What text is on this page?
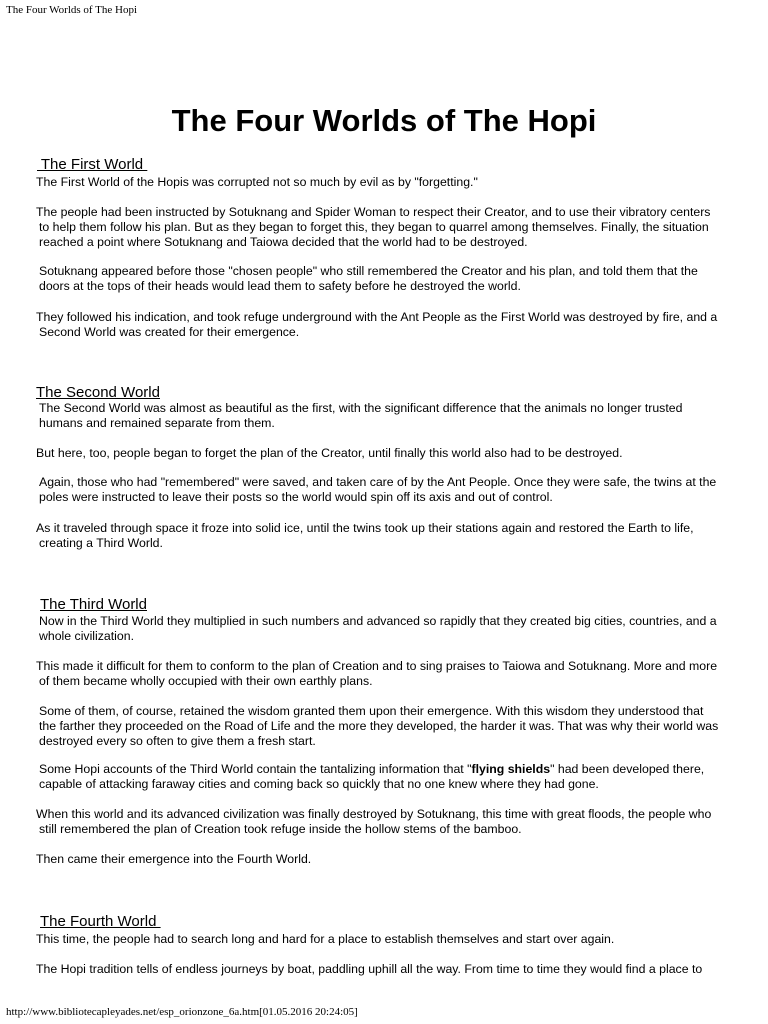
The Four Worlds of The Hopi
The Four Worlds of The Hopi
The First World
The First World of the Hopis was corrupted not so much by evil as by "forgetting."
The people had been instructed by Sotuknang and Spider Woman to respect their Creator, and to use their vibratory centers
to help them follow his plan. But as they began to forget this, they began to quarrel among themselves. Finally, the situation
reached a point where Sotuknang and Taiowa decided that the world had to be destroyed.
Sotuknang appeared before those "chosen people" who still remembered the Creator and his plan, and told them that the
doors at the tops of their heads would lead them to safety before he destroyed the world.
They followed his indication, and took refuge underground with the Ant People as the First World was destroyed by fire, and a
Second World was created for their emergence.
The Second World
The Second World was almost as beautiful as the first, with the significant difference that the animals no longer trusted
humans and remained separate from them.
But here, too, people began to forget the plan of the Creator, until finally this world also had to be destroyed.
Again, those who had "remembered" were saved, and taken care of by the Ant People. Once they were safe, the twins at the
poles were instructed to leave their posts so the world would spin off its axis and out of control.
As it traveled through space it froze into solid ice, until the twins took up their stations again and restored the Earth to life,
creating a Third World.
The Third World
Now in the Third World they multiplied in such numbers and advanced so rapidly that they created big cities, countries, and a
whole civilization.
This made it difficult for them to conform to the plan of Creation and to sing praises to Taiowa and Sotuknang. More and more
of them became wholly occupied with their own earthly plans.
Some of them, of course, retained the wisdom granted them upon their emergence. With this wisdom they understood that
the farther they proceeded on the Road of Life and the more they developed, the harder it was. That was why their world was
destroyed every so often to give them a fresh start.
Some Hopi accounts of the Third World contain the tantalizing information that "flying shields" had been developed there,
capable of attacking faraway cities and coming back so quickly that no one knew where they had gone.
When this world and its advanced civilization was finally destroyed by Sotuknang, this time with great floods, the people who
still remembered the plan of Creation took refuge inside the hollow stems of the bamboo.
Then came their emergence into the Fourth World.
The Fourth World
This time, the people had to search long and hard for a place to establish themselves and start over again.
The Hopi tradition tells of endless journeys by boat, paddling uphill all the way. From time to time they would find a place to
http://www.bibliotecapleyades.net/esp_orionzone_6a.htm[01.05.2016 20:24:05]
